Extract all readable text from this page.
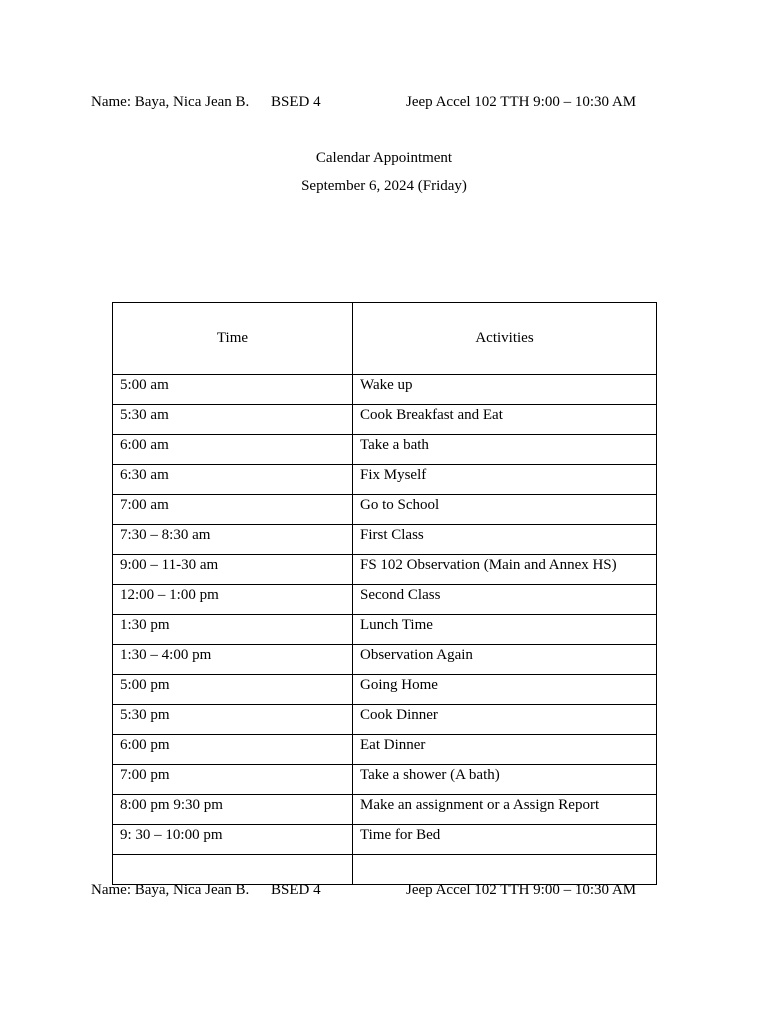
Name: Baya, Nica Jean B. BSED 4	Jeep Accel 102 TTH 9:00 – 10:30 AM
Calendar Appointment
September 6, 2024 (Friday)
Time	Activities
5:00 am	Wake up
5:30 am	Cook Breakfast and Eat
6:00 am	Take a bath
6:30 am	Fix Myself
7:00 am	Go to School
7:30 – 8:30 am	First Class
9:00 – 11-30 am	FS 102 Observation (Main and Annex HS)
12:00 – 1:00 pm	Second Class
1:30 pm	Lunch Time
1:30 – 4:00 pm	Observation Again
5:00 pm	Going Home
5:30 pm	Cook Dinner
6:00 pm	Eat Dinner
7:00 pm	Take a shower (A bath)
8:00 pm 9:30 pm	Make an assignment or a Assign Report
9: 30 – 10:00 pm	Time for Bed

Name: Baya, Nica Jean B. BSED 4	Jeep Accel 102 TTH 9:00 – 10:30 AM
